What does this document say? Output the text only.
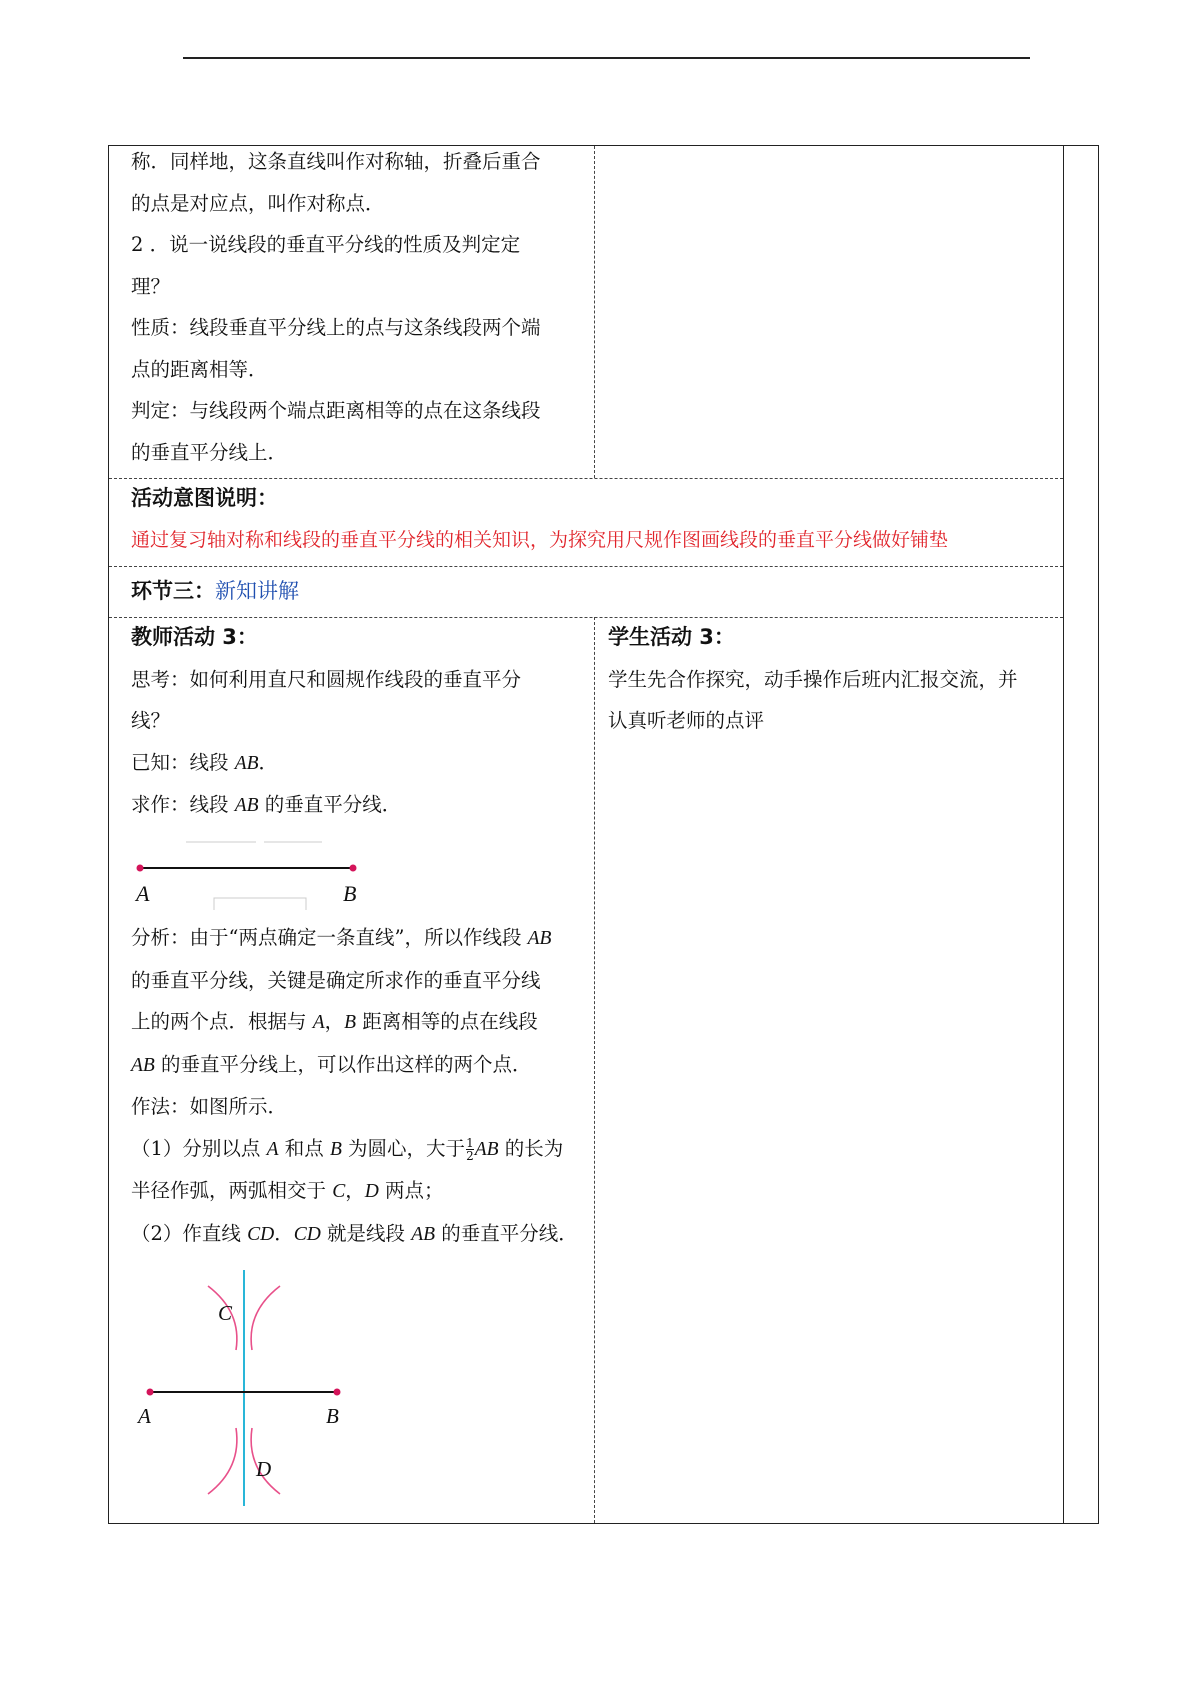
称．同样地，这条直线叫作对称轴，折叠后重合

的点是对应点，叫作对称点．

2 ．说一说线段的垂直平分线的性质及判定定

理？

性质：线段垂直平分线上的点与这条线段两个端

点的距离相等．

判定：与线段两个端点距离相等的点在这条线段

的垂直平分线上．

活动意图说明：

通过复习轴对称和线段的垂直平分线的相关知识，为探究用尺规作图画线段的垂直平分线做好铺垫

环节三：新知讲解

教师活动 3：

思考：如何利用直尺和圆规作线段的垂直平分

线？

已知：线段 AB．

求作：线段 AB 的垂直平分线．

A	B

分析：由于“两点确定一条直线”，所以作线段 AB

的垂直平分线，关键是确定所求作的垂直平分线

上的两个点．根据与 A，B 距离相等的点在线段

AB 的垂直平分线上，可以作出这样的两个点．

作法：如图所示．

（1）分别以点 A 和点 B 为圆心，大于 $\frac{1}{2}$ AB 的长为

半径作弧，两弧相交于 C，D 两点；

（2）作直线 CD．CD 就是线段 AB 的垂直平分线．

A	B
C
D

学生活动 3：

学生先合作探究，动手操作后班内汇报交流，并

认真听老师的点评
